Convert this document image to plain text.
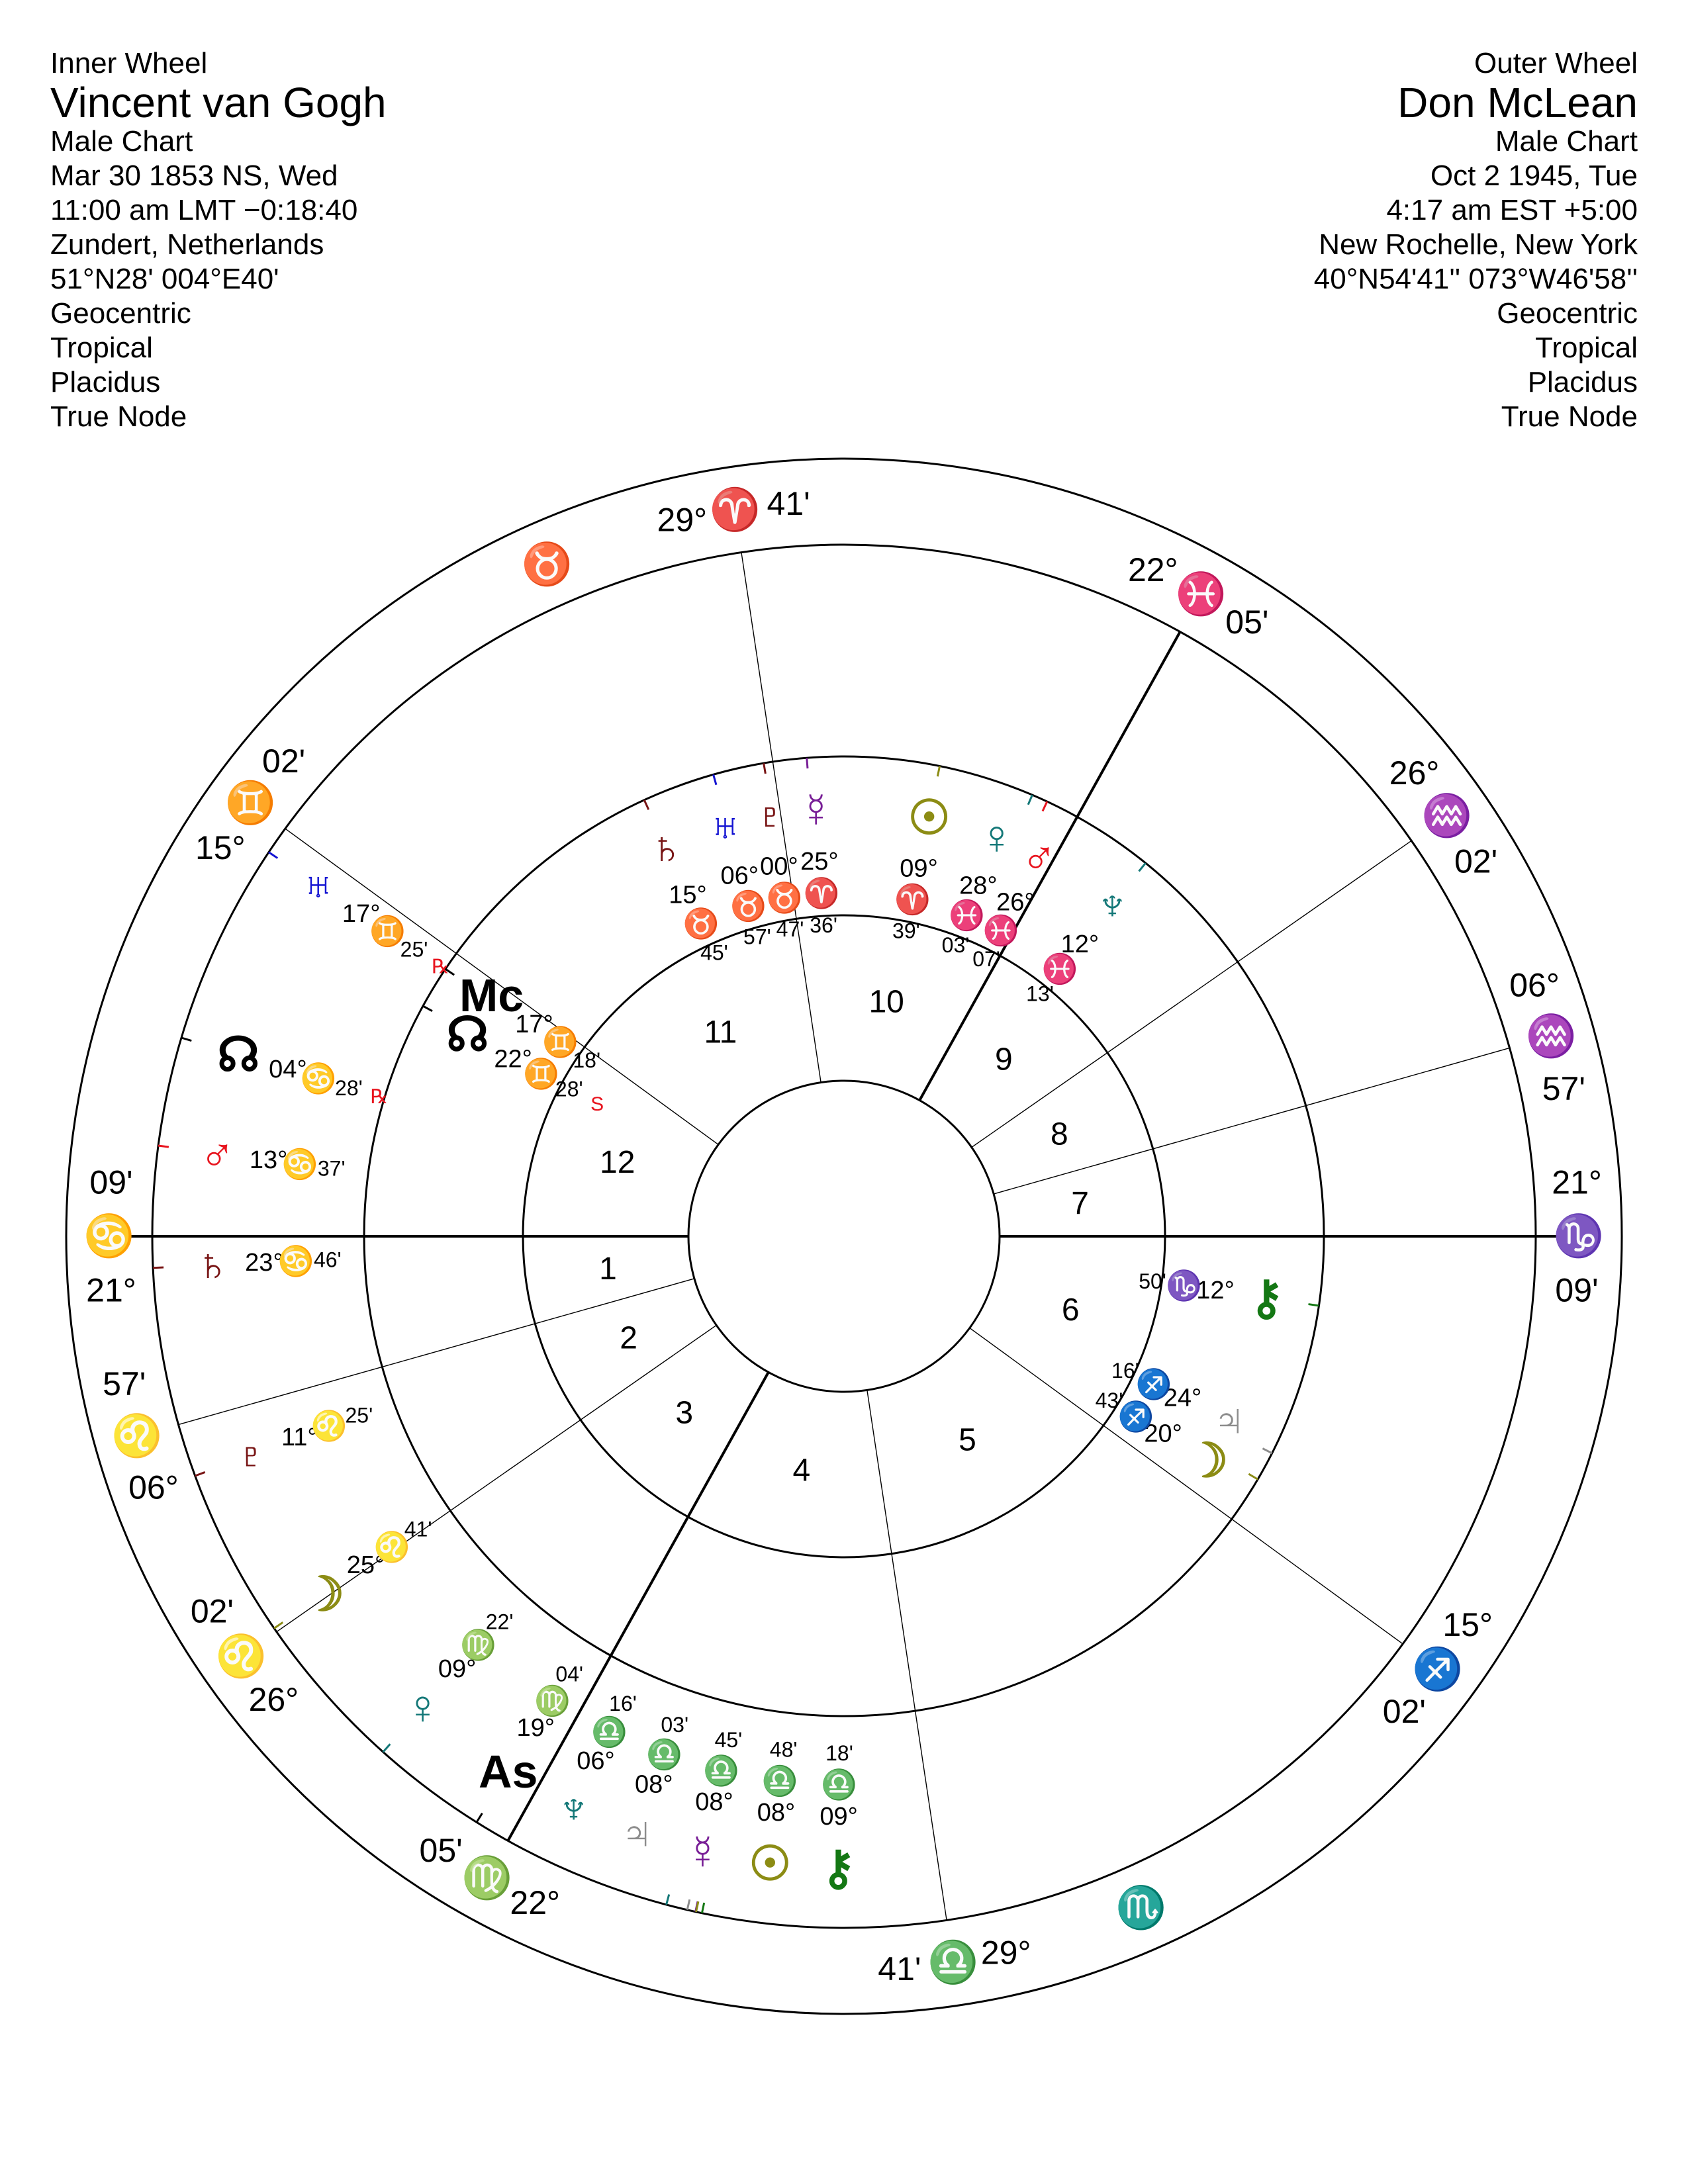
Inner Wheel
Vincent van Gogh
Male Chart
Mar 30 1853 NS, Wed
11:00 am LMT −0:18:40
Zundert, Netherlands
51°N28' 004°E40'
Geocentric
Tropical
Placidus
True Node
Outer Wheel
Don McLean
Male Chart
Oct 2 1945, Tue
4:17 am EST +5:00
New Rochelle, New York
40°N54'41'' 073°W46'58''
Geocentric
Tropical
Placidus
True Node
21°
♋
09'
06°
♌
57'
26°
♌
02'
22°
♍
05'
29°
♎
41'
15°
♐
02'
21°
♑
09'
06°
♒
57'
26°
♒
02'
22°
♓
05'
29° ♈ 41'
15°
♊
02'
♉
♏
1
2
3
4
5
6
7
8
9
10
11
12
☉
09°
♈
39'
☿
25°
♈
36'
♇
00°
♉
47'
♅
06°
♉
57'
♄
15°
♉
45'
Mc
17°
♊
18'
☊ 22°
♊
28'
S
☽
20°
♐
43' ♃
24°
♐
16'
⚷
12°
♑
50'
♆
12°
♓
13'
♂
26°
♓
07'
♀
28°
♓
03'
♅
17°
♊
25'
℞
☊ 04°
♋
28' ℞
♂ 13°
♋ 37'
♄ 23°
♋ 46'
♇ 11°
♌
25'
☽
25°
♌
41'
♀
09°
♍
22'
As
19°
♍
04'
♆
06°
♎
16'
♃
08°
♎
03'
☿
08°
♎
45'
☉
08°
♎
48'
⚷
09°
♎
18'
